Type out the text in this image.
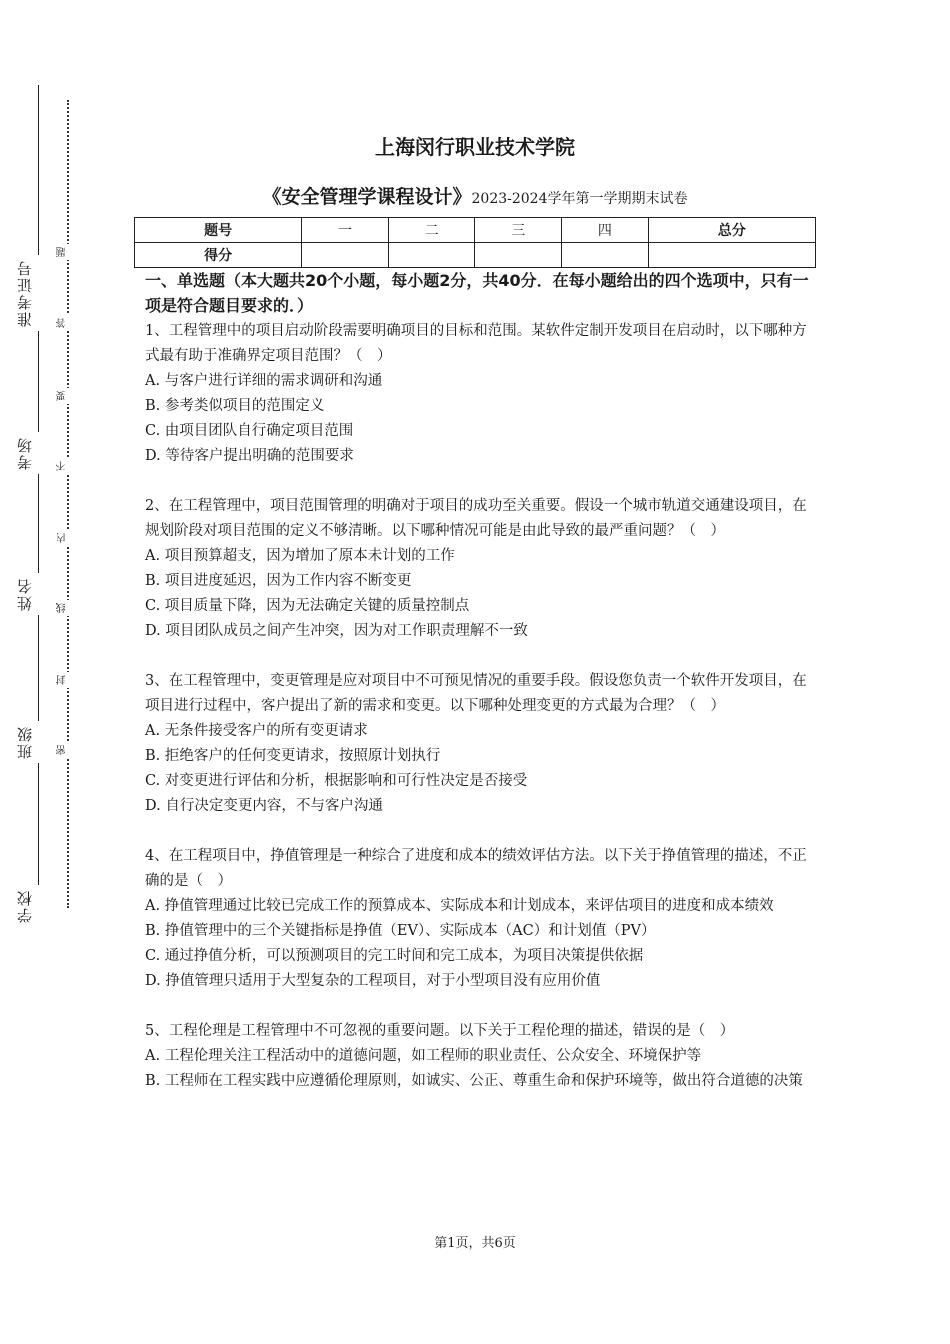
准考证号
考场
姓名
班级
学校
题
答
要
不
内
线
封
密
上海闵行职业技术学院
《安全管理学课程设计》2023-2024学年第一学期期末试卷
题号	一	二	三	四	总分
得分					
一、单选题（本大题共20个小题，每小题2分，共40分．在每小题给出的四个选项中，只有一项是符合题目要求的．）
1、工程管理中的项目启动阶段需要明确项目的目标和范围。某软件定制开发项目在启动时，以下哪种方式最有助于准确界定项目范围？（　）
A. 与客户进行详细的需求调研和沟通
B. 参考类似项目的范围定义
C. 由项目团队自行确定项目范围
D. 等待客户提出明确的范围要求
2、在工程管理中，项目范围管理的明确对于项目的成功至关重要。假设一个城市轨道交通建设项目，在规划阶段对项目范围的定义不够清晰。以下哪种情况可能是由此导致的最严重问题？（　）
A. 项目预算超支，因为增加了原本未计划的工作
B. 项目进度延迟，因为工作内容不断变更
C. 项目质量下降，因为无法确定关键的质量控制点
D. 项目团队成员之间产生冲突，因为对工作职责理解不一致
3、在工程管理中，变更管理是应对项目中不可预见情况的重要手段。假设您负责一个软件开发项目，在项目进行过程中，客户提出了新的需求和变更。以下哪种处理变更的方式最为合理？（　）
A. 无条件接受客户的所有变更请求
B. 拒绝客户的任何变更请求，按照原计划执行
C. 对变更进行评估和分析，根据影响和可行性决定是否接受
D. 自行决定变更内容，不与客户沟通
4、在工程项目中，挣值管理是一种综合了进度和成本的绩效评估方法。以下关于挣值管理的描述，不正确的是（　）
A. 挣值管理通过比较已完成工作的预算成本、实际成本和计划成本，来评估项目的进度和成本绩效
B. 挣值管理中的三个关键指标是挣值（EV）、实际成本（AC）和计划值（PV）
C. 通过挣值分析，可以预测项目的完工时间和完工成本，为项目决策提供依据
D. 挣值管理只适用于大型复杂的工程项目，对于小型项目没有应用价值
5、工程伦理是工程管理中不可忽视的重要问题。以下关于工程伦理的描述，错误的是（　）
A. 工程伦理关注工程活动中的道德问题，如工程师的职业责任、公众安全、环境保护等
B. 工程师在工程实践中应遵循伦理原则，如诚实、公正、尊重生命和保护环境等，做出符合道德的决策
第1页，共6页
